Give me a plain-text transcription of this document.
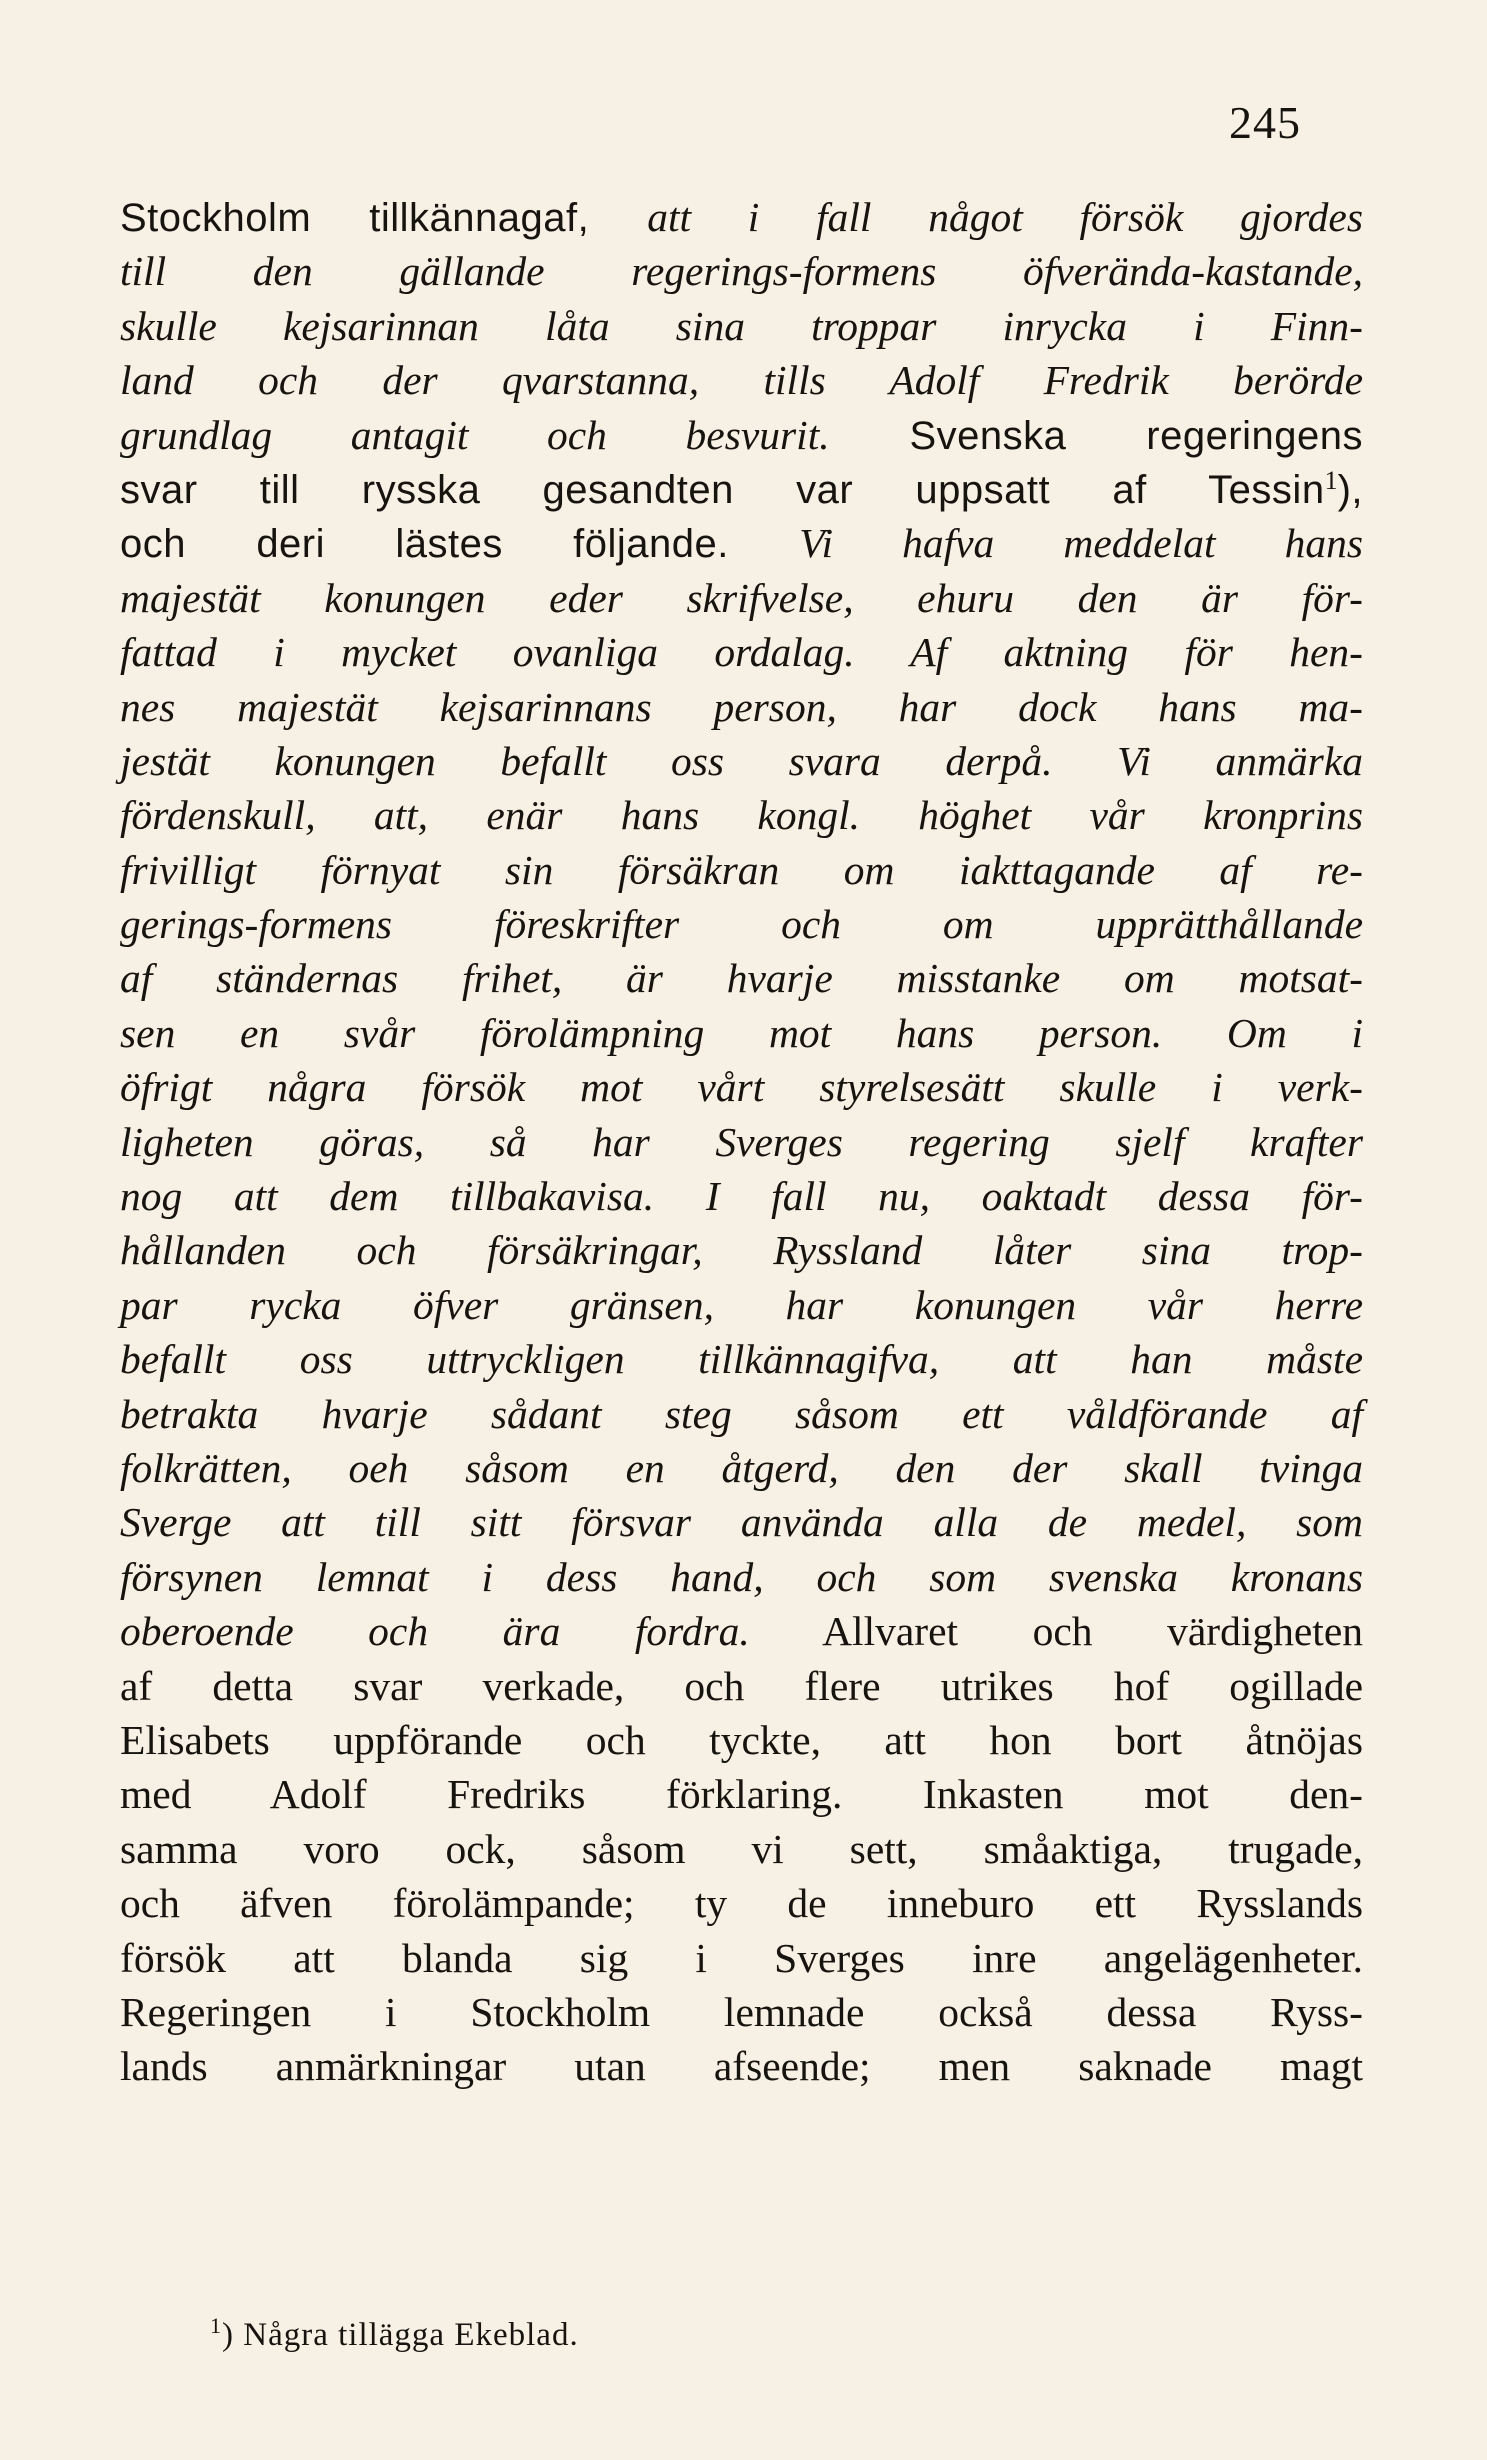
245
Stockholm tillkännagaf, att i fall något försök gjordes
till den gällande regerings-formens öfverända-kastande,
skulle kejsarinnan låta sina troppar inrycka i Finn-
land och der qvarstanna, tills Adolf Fredrik berörde
grundlag antagit och besvurit. Svenska regeringens
svar till rysska gesandten var uppsatt af Tessin$^1$),
och deri lästes följande. Vi hafva meddelat hans
majestät konungen eder skrifvelse, ehuru den är för-
fattad i mycket ovanliga ordalag. Af aktning för hen-
nes majestät kejsarinnans person, har dock hans ma-
jestät konungen befallt oss svara derpå. Vi anmärka
fördenskull, att, enär hans kongl. höghet vår kronprins
frivilligt förnyat sin försäkran om iakttagande af re-
gerings-formens föreskrifter och om upprätthållande
af ständernas frihet, är hvarje misstanke om motsat-
sen en svår förolämpning mot hans person. Om i
öfrigt några försök mot vårt styrelsesätt skulle i verk-
ligheten göras, så har Sverges regering sjelf krafter
nog att dem tillbakavisa. I fall nu, oaktadt dessa för-
hållanden och försäkringar, Ryssland låter sina trop-
par rycka öfver gränsen, har konungen vår herre
befallt oss uttryckligen tillkännagifva, att han måste
betrakta hvarje sådant steg såsom ett våldförande af
folkrätten, oeh såsom en åtgerd, den der skall tvinga
Sverge att till sitt försvar använda alla de medel, som
försynen lemnat i dess hand, och som svenska kronans
oberoende och ära fordra. Allvaret och värdigheten
af detta svar verkade, och flere utrikes hof ogillade
Elisabets uppförande och tyckte, att hon bort åtnöjas
med Adolf Fredriks förklaring. Inkasten mot den-
samma voro ock, såsom vi sett, småaktiga, trugade,
och äfven förolämpande; ty de inneburo ett Rysslands
försök att blanda sig i Sverges inre angelägenheter.
Regeringen i Stockholm lemnade också dessa Ryss-
lands anmärkningar utan afseende; men saknade magt
$^1$) Några tillägga Ekeblad.
